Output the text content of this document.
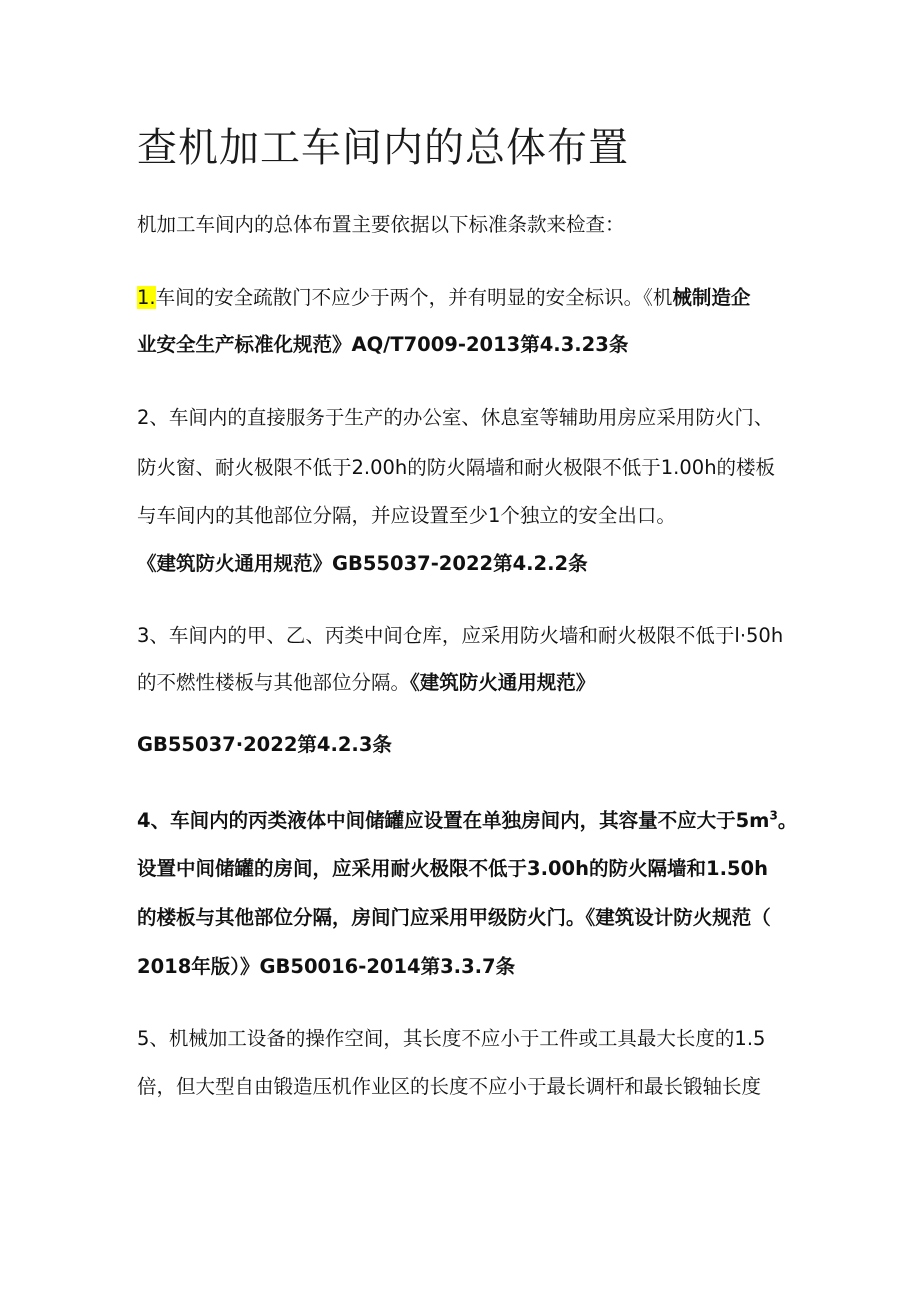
查机加工车间内的总体布置
机加工车间内的总体布置主要依据以下标准条款来检查：
1.车间的安全疏散门不应少于两个，并有明显的安全标识。《机械制造企
业安全生产标准化规范》AQ/T7009-2013第4.3.23条
2、车间内的直接服务于生产的办公室、休息室等辅助用房应采用防火门、
防火窗、耐火极限不低于2.00h的防火隔墙和耐火极限不低于1.00h的楼板
与车间内的其他部位分隔，并应设置至少1个独立的安全出口。
《建筑防火通用规范》GB55037-2022第4.2.2条
3、车间内的甲、乙、丙类中间仓库，应采用防火墙和耐火极限不低于l·50h
的不燃性楼板与其他部位分隔。《建筑防火通用规范》
GB55037·2022第4.2.3条
4、车间内的丙类液体中间储罐应设置在单独房间内，其容量不应大于$5m^3$。
设置中间储罐的房间，应采用耐火极限不低于3.00h的防火隔墙和1.50h
的楼板与其他部位分隔，房间门应采用甲级防火门。《建筑设计防火规范（
2018年版）》GB50016-2014第3.3.7条
5、机械加工设备的操作空间，其长度不应小于工件或工具最大长度的1.5
倍，但大型自由锻造压机作业区的长度不应小于最长调杆和最长锻轴长度
